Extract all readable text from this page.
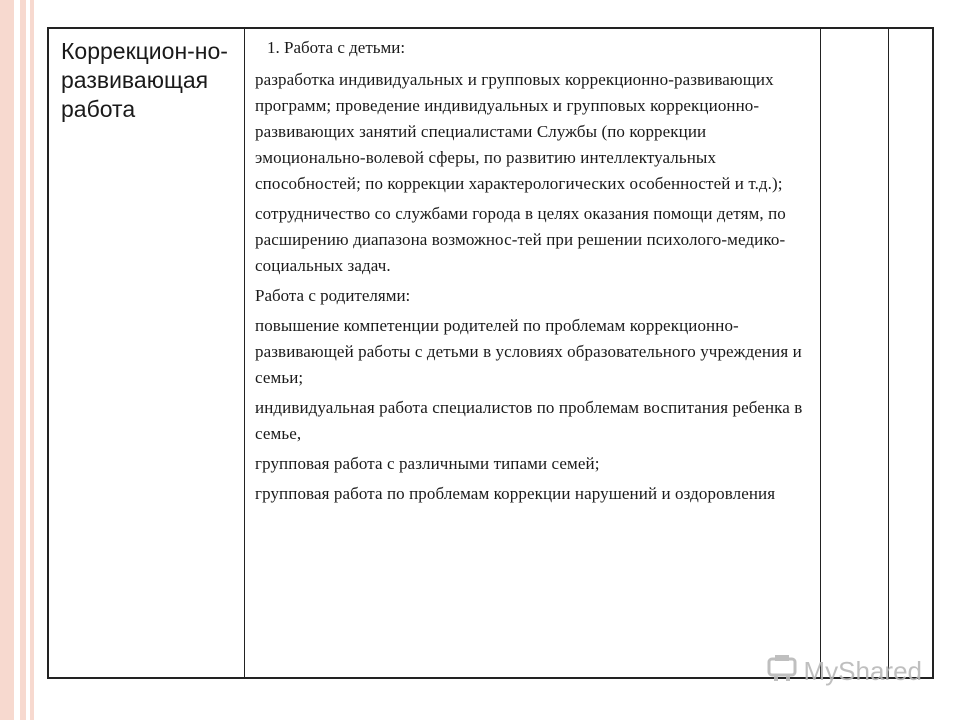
Коррекцион-но-развивающая работа
1. Работа с детьми:

разработка индивидуальных и групповых коррекционно-развивающих программ; проведение индивидуальных и групповых коррекционно-развивающих занятий специалистами Службы (по коррекции эмоционально-волевой сферы, по развитию интеллектуальных способностей; по коррекции характерологических особенностей и т.д.);

сотрудничество со службами города в целях оказания помощи детям, по расширению диапазона возможнос-тей при решении психолого-медико-социальных задач.

Работа с родителями:

повышение компетенции родителей по проблемам коррекционно-развивающей работы с детьми в условиях образовательного учреждения и семьи;

индивидуальная работа специалистов по проблемам воспитания ребенка в семье,

групповая работа с различными типами семей;

групповая работа по проблемам коррекции нарушений и оздоровления

MyShared
